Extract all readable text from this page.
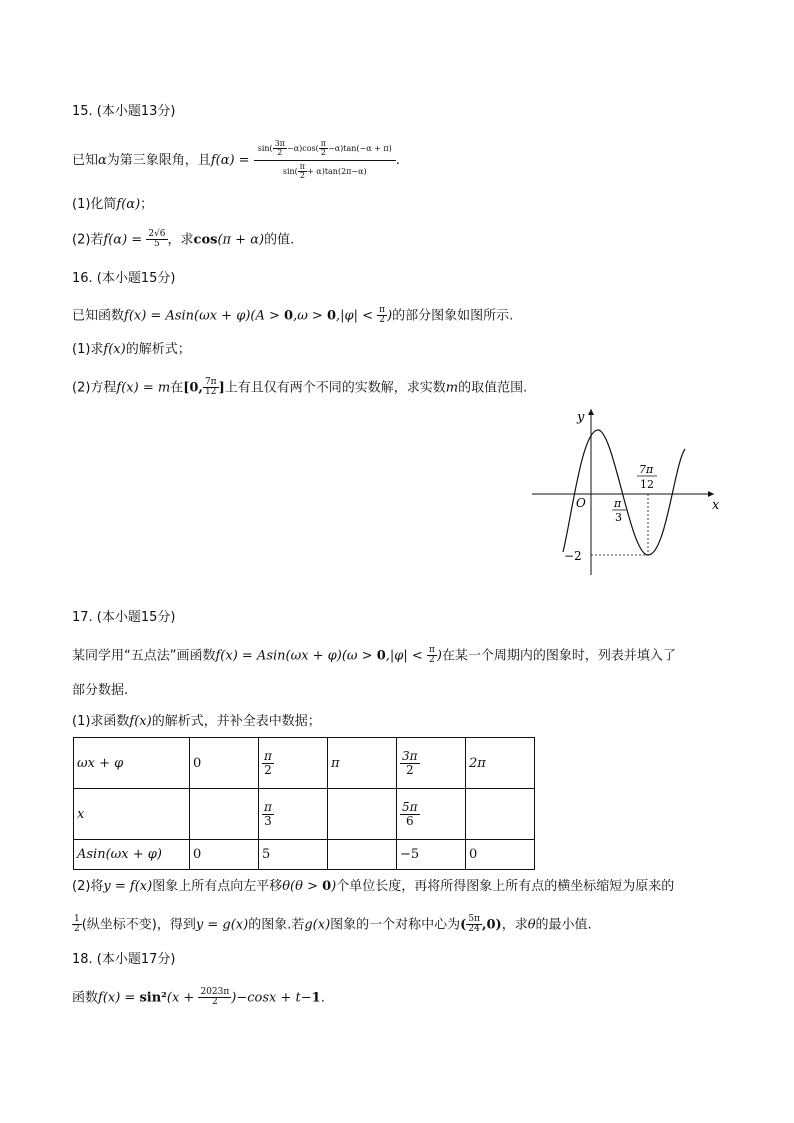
15. (本小题13分)
已知α为第三象限角，且$f(\alpha) = \frac{\sin( \frac{3\pi}{2} -\alpha)\cos( \frac{\pi}{2} -\alpha)\tan(-\alpha + \pi)}{\sin( \frac{\pi}{2} + \alpha)\tan(2\pi-\alpha)}$ .
(1)化简f(α)；
(2)若$f(\alpha) = \frac{2√6}{5}$ ，求cos(π + α)的值.
16. (本小题15分)
已知函数$f(x) = Asin(\omega x + \varphi)(A > 0,\omega > 0,|\varphi| < \frac{\pi}{2}$ )的部分图象如图所示.
(1)求f(x)的解析式；
(2)方程f(x) = m在[0, $\frac{7\pi}{12}$ ]上有且仅有两个不同的实数解，求实数m的取值范围.
y
x
O	π
3
7π
12
−2
17. (本小题15分)
某同学用“五点法”画函数$f(x) = Asin(\omega x + \varphi)(\omega > 0,|\varphi| < \frac{\pi}{2}$ )在某一个周期内的图象时，列表并填入了
部分数据.
(1)求函数f(x)的解析式，并补全表中数据；
ωx + φ	0	$\frac{\pi}{2}$	π	$\frac{3\pi}{2}$	2π
x		$\frac{\pi}{3}$		$\frac{5\pi}{6}$

Asin(ωx + φ)	0	5		−5	0
(2)将y = f(x)图象上所有点向左平移θ(θ > 0)个单位长度，再将所得图象上所有点的横坐标缩短为原来的
$\frac{1}{2}$ (纵坐标不变)，得到y = g(x)的图象.若g(x)图象的一个对称中心为( $\frac{5\pi}{24} ,0$)，求θ的最小值.
18. (本小题17分)
函数$f(x) = \sin^2(x + \frac{2023\pi}{2} )-\cos x + t-1$.
